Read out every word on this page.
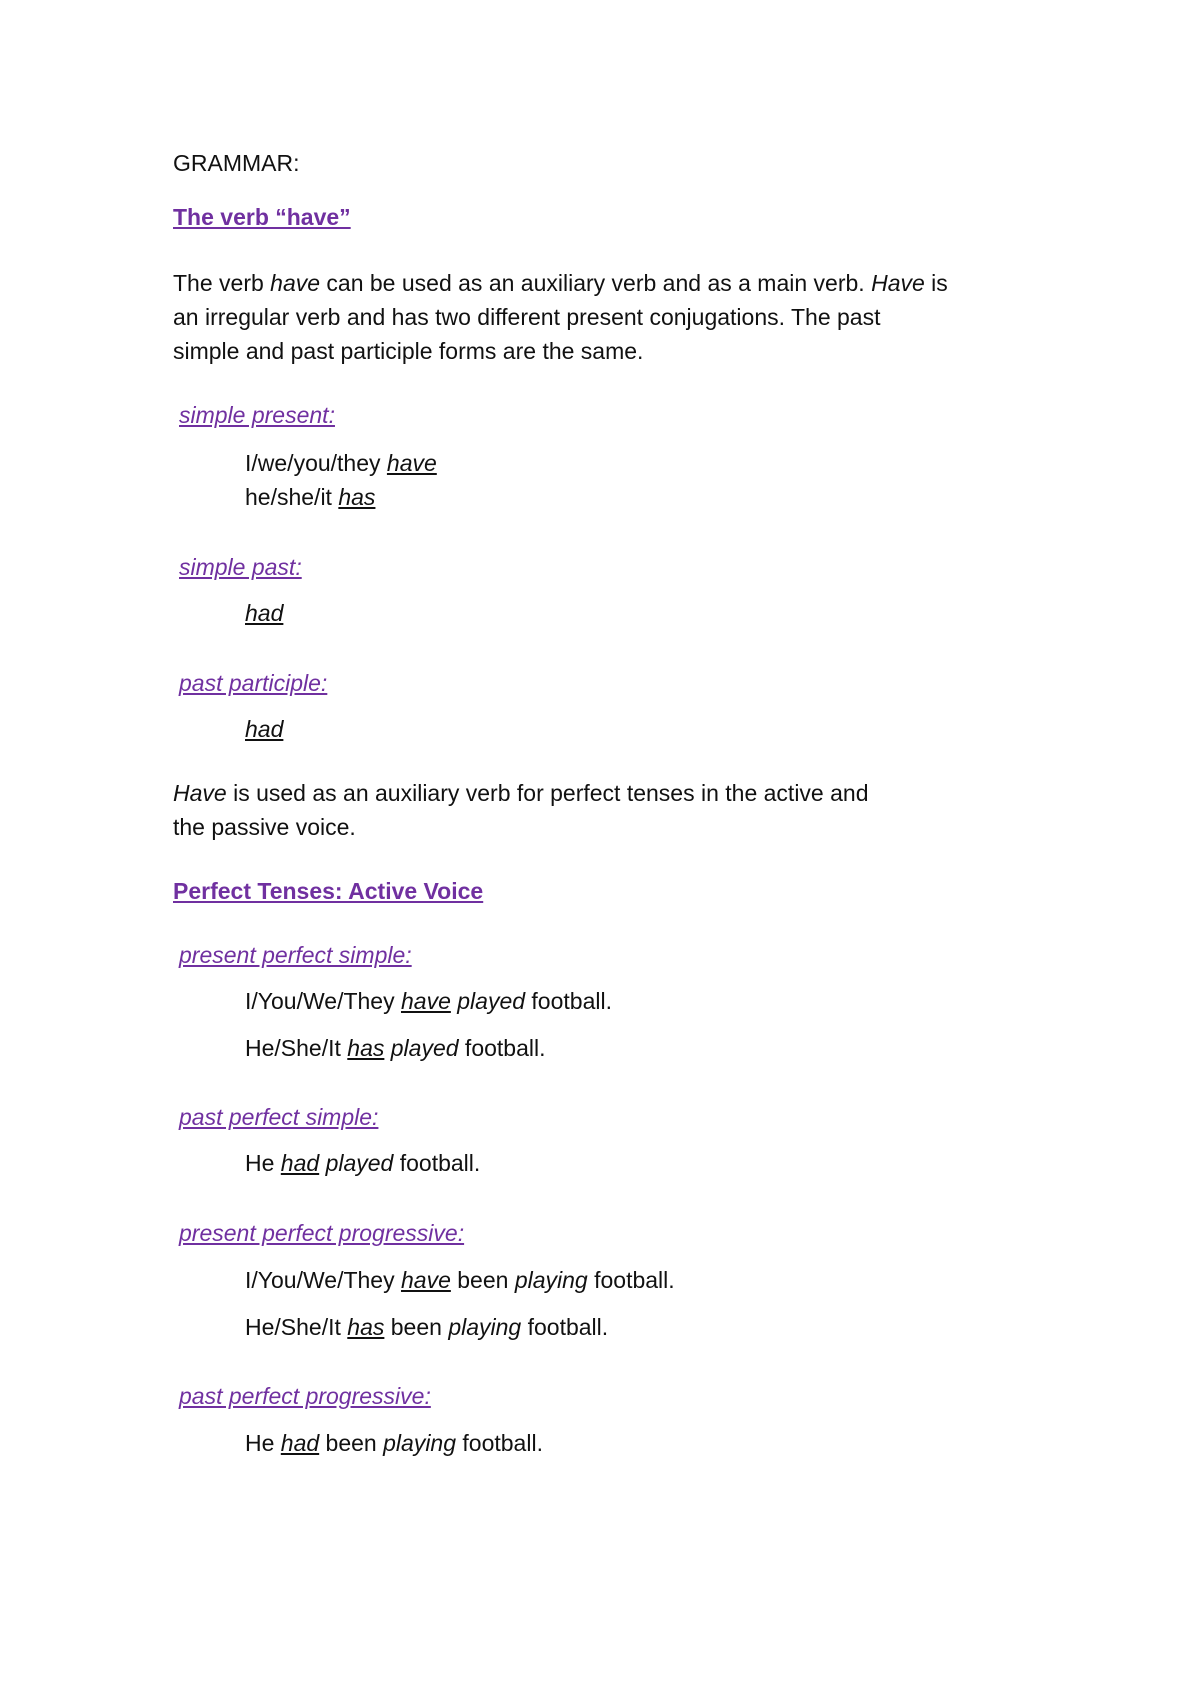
GRAMMAR:
The verb “have”
The verb have can be used as an auxiliary verb and as a main verb. Have is
an irregular verb and has two different present conjugations. The past
simple and past participle forms are the same.
simple present:
I/we/you/they have
he/she/it has
simple past:
had
past participle:
had
Have is used as an auxiliary verb for perfect tenses in the active and
the passive voice.
Perfect Tenses: Active Voice
present perfect simple:
I/You/We/They have played football.
He/She/It has played football.
past perfect simple:
He had played football.
present perfect progressive:
I/You/We/They have been playing football.
He/She/It has been playing football.
past perfect progressive:
He had been playing football.
